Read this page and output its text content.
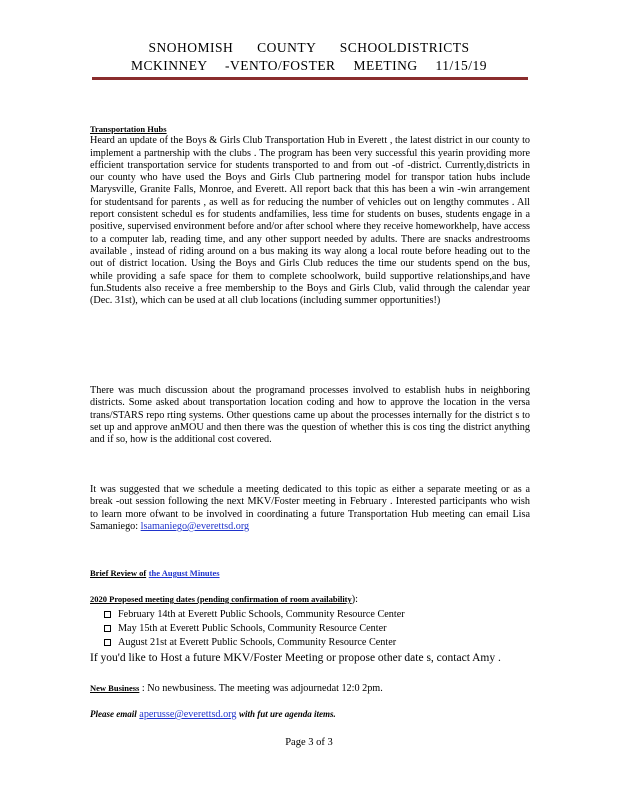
SNOHOMISH COUNTY SCHOOLDISTRICTS
MCKINNEY -VENTO/FOSTER MEETING 11/15/19
Transportation Hubs

Heard an update of the Boys & Girls Club Transportation Hub in Everett , the latest district in our county to implement a partnership with the clubs . The program has been very successful this yearin providing more efficient transportation service for students transported to and from out -of -district. Currently,districts in our county who have used the Boys and Girls Club partnering model for transpor tation hubs include Marysville, Granite Falls, Monroe, and Everett. All report back that this has been a win -win arrangement for studentsand for parents , as well as for reducing the number of vehicles out on lengthy commutes . All report consistent schedul es for students andfamilies, less time for students on buses, students engage in a positive, supervised environment before and/or after school where they receive homeworkhelp, have access to a computer lab, reading time, and any other support needed by adults. There are snacks andrestrooms available , instead of riding around on a bus making its way along a local route before heading out to the out of district location. Using the Boys and Girls Club reduces the time our students spend on the bus, while providing a safe space for them to complete schoolwork, build supportive relationships,and have fun.Students also receive a free membership to the Boys and Girls Club, valid through the calendar year (Dec. 31st), which can be used at all club locations (including summer opportunities!)

There was much discussion about the programand processes involved to establish hubs in neighboring districts. Some asked about transportation location coding and how to approve the location in the versa trans/STARS repo rting systems. Other questions came up about the processes internally for the district s to set up and approve anMOU and then there was the question of whether this is cos ting the district anything and if so, how is the additional cost covered.

It was suggested that we schedule a meeting dedicated to this topic as either a separate meeting or as a break -out session following the next MKV/Foster meeting in February . Interested participants who wish to learn more ofwant to be involved in coordinating a future Transportation Hub meeting can email Lisa Samaniego: lsamaniego@everettsd.org

Brief Review of the August Minutes
2020 Proposed meeting dates (pending confirmation of room availability):
February 14th at Everett Public Schools, Community Resource Center
May 15th at Everett Public Schools, Community Resource Center
August 21st at Everett Public Schools, Community Resource Center
If you'd like to Host a future MKV/Foster Meeting or propose other date s, contact Amy .
New Business : No newbusiness. The meeting was adjournedat 12:0 2pm.
Please email aperusse@everettsd.org with fut ure agenda items.
Page 3 of 3
